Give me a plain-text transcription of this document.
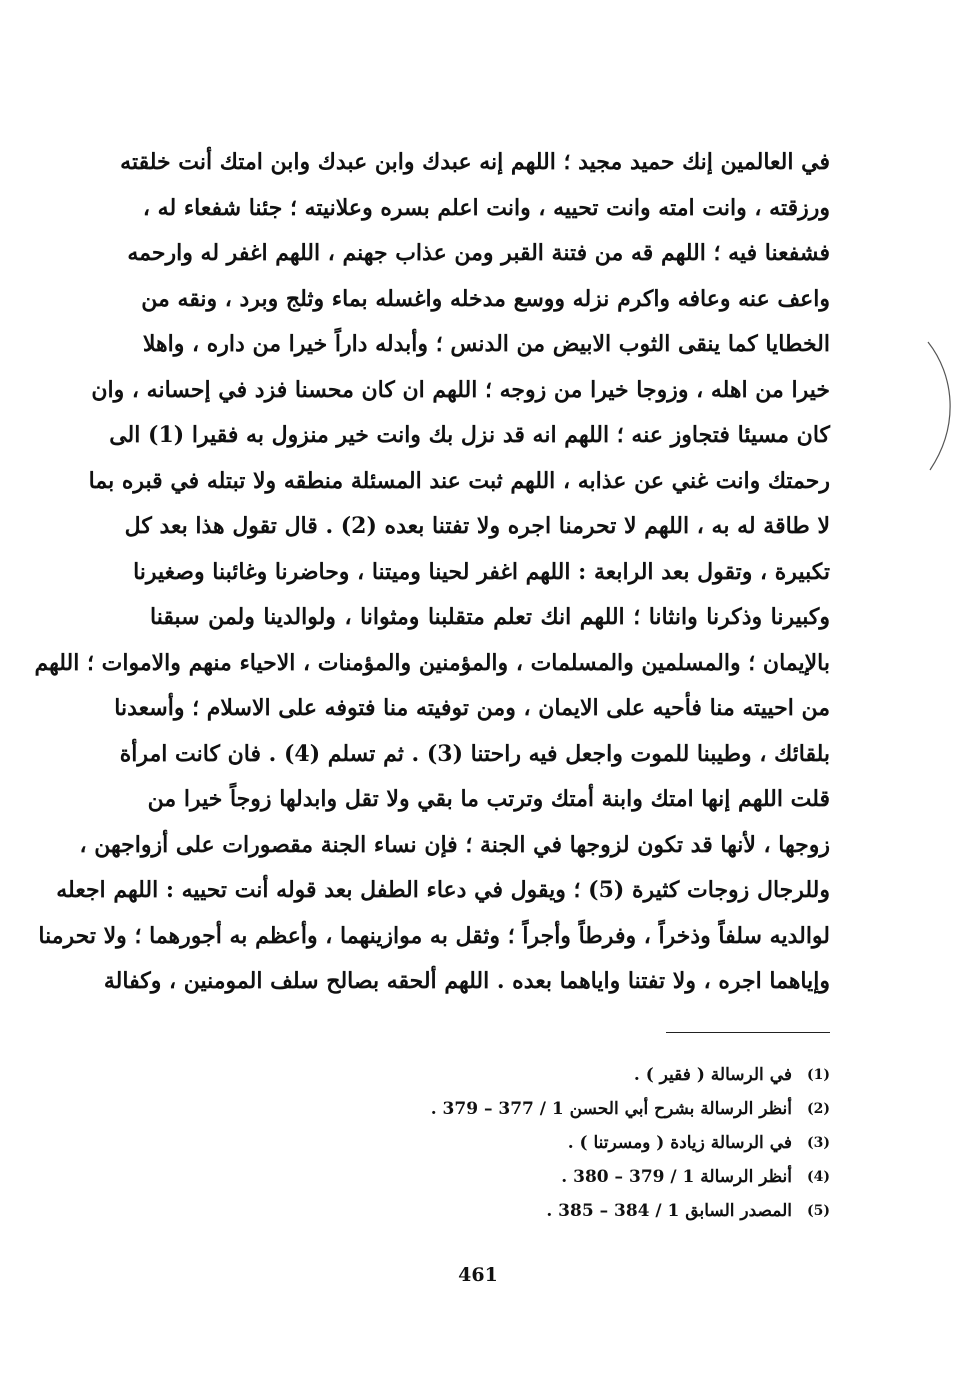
في العالمين إنك حميد مجيد ؛ اللهم إنه عبدك وابن عبدك وابن امتك أنت خلقته
ورزقته ، وانت امته وانت تحييه ، وانت اعلم بسره وعلانيته ؛ جئنا شفعاء له ،
فشفعنا فيه ؛ اللهم قه من فتنة القبر ومن عذاب جهنم ، اللهم اغفر له وارحمه
واعف عنه وعافه واكرم نزله ووسع مدخله واغسله بماء وثلج وبرد ، ونقه من
الخطايا كما ينقى الثوب الابيض من الدنس ؛ وأبدله داراً خيرا من داره ، واهلا
خيرا من اهله ، وزوجا خيرا من زوجه ؛ اللهم ان كان محسنا فزد في إحسانه ، وان
كان مسيئا فتجاوز عنه ؛ اللهم انه قد نزل بك وانت خير منزول به فقيرا (1) الى
رحمتك وانت غني عن عذابه ، اللهم ثبت عند المسئلة منطقه ولا تبتله في قبره بما
لا طاقة له به ، اللهم لا تحرمنا اجره ولا تفتنا بعده (2) . قال تقول هذا بعد كل
تكبيرة ، وتقول بعد الرابعة : اللهم اغفر لحينا وميتنا ، وحاضرنا وغائبنا وصغيرنا
وكبيرنا وذكرنا وانثانا ؛ اللهم انك تعلم متقلبنا ومثوانا ، ولوالدينا ولمن سبقنا
بالإيمان ؛ والمسلمين والمسلمات ، والمؤمنين والمؤمنات ، الاحياء منهم والاموات ؛ اللهم
من احييته منا فأحيه على الايمان ، ومن توفيته منا فتوفه على الاسلام ؛ وأسعدنا
بلقائك ، وطيبنا للموت واجعل فيه راحتنا (3) . ثم تسلم (4) . فان كانت امرأة
قلت اللهم إنها امتك وابنة أمتك وترتب ما بقي ولا تقل وابدلها زوجاً خيرا من
زوجها ، لأنها قد تكون لزوجها في الجنة ؛ فإن نساء الجنة مقصورات على أزواجهن ،
وللرجال زوجات كثيرة (5) ؛ ويقول في دعاء الطفل بعد قوله أنت تحييه : اللهم اجعله
لوالديه سلفاً وذخراً ، وفرطاً وأجراً ؛ وثقل به موازينهما ، وأعظم به أجورهما ؛ ولا تحرمنا
وإياهما اجره ، ولا تفتنا واياهما بعده . اللهم ألحقه بصالح سلف المومنين ، وكفالة
(1)
في الرسالة ( فقير ) .
(2)
أنظر الرسالة بشرح أبي الحسن 1 / 377 – 379 .
(3)
في الرسالة زيادة ( ومسرتنا ) .
(4)
أنظر الرسالة 1 / 379 – 380 .
(5)
المصدر السابق 1 / 384 – 385 .
461
